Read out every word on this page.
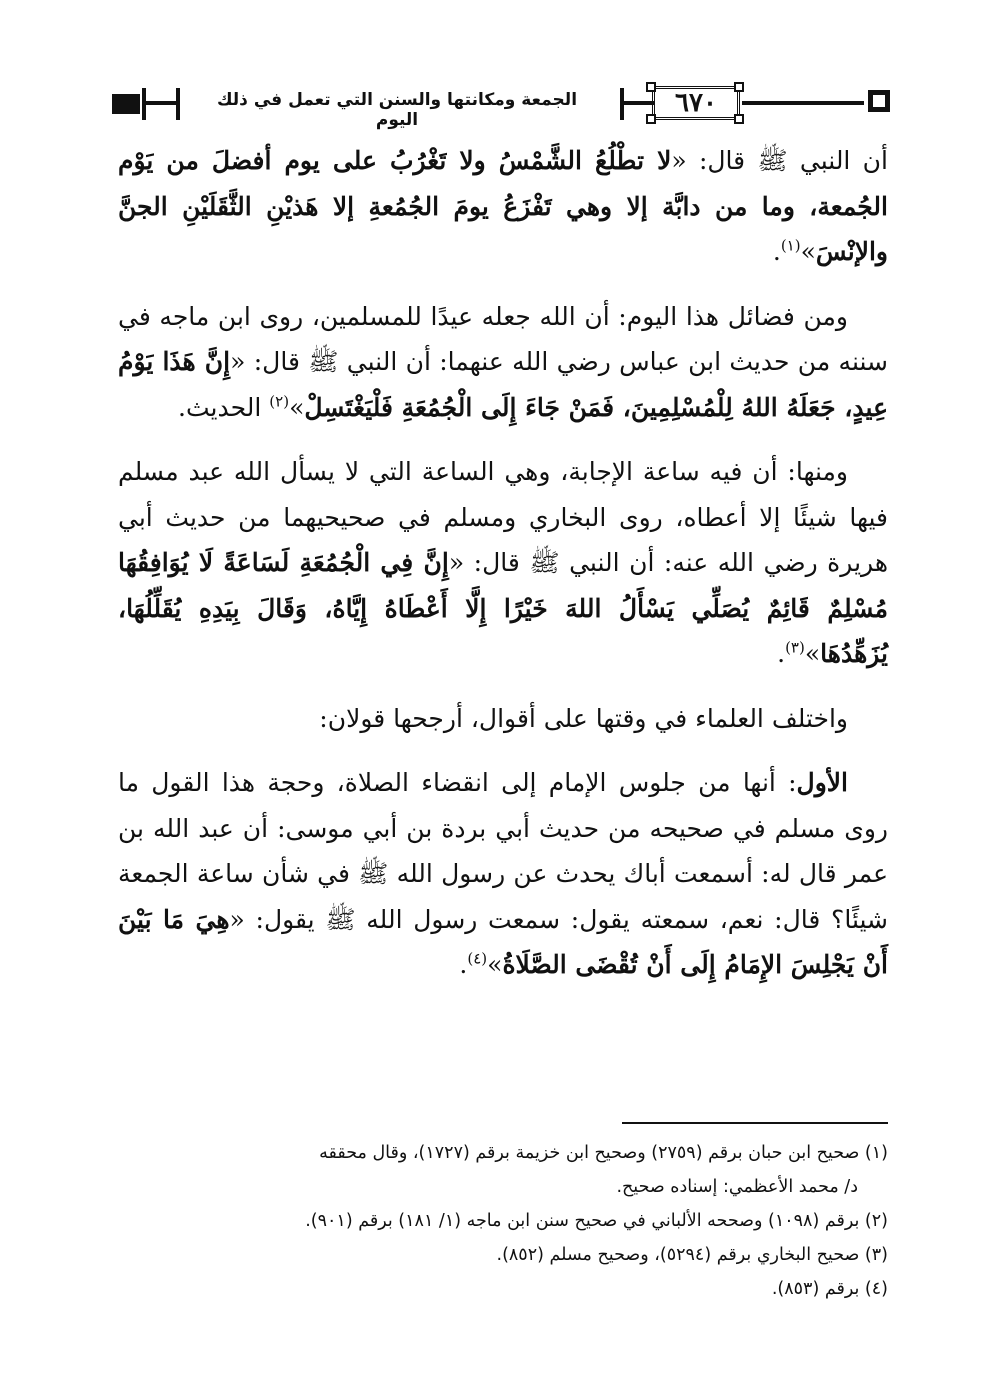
٦٧٠
الجمعة ومكانتها والسنن التي تعمل في ذلك اليوم

أن النبي ﷺ قال: «لا تطْلُعُ الشَّمْسُ ولا تَغْرُبُ على يوم أفضلَ من يَوْم الجُمعة، وما من دابَّة إلا وهي تَفْزَعُ يومَ الجُمُعةِ إلا هَذيْنِ الثَّقَلَيْنِ الجنَّ والإنْسَ»$^{(١)}$.

ومن فضائل هذا اليوم: أن الله جعله عيدًا للمسلمين، روى ابن ماجه في سننه من حديث ابن عباس رضي الله عنهما: أن النبي ﷺ قال: «إِنَّ هَذَا يَوْمُ عِيدٍ، جَعَلَهُ اللهُ لِلْمُسْلِمِينَ، فَمَنْ جَاءَ إِلَى الْجُمُعَةِ فَلْيَغْتَسِلْ»$^{(٢)}$ الحديث.

ومنها: أن فيه ساعة الإجابة، وهي الساعة التي لا يسأل الله عبد مسلم فيها شيئًا إلا أعطاه، روى البخاري ومسلم في صحيحيهما من حديث أبي هريرة رضي الله عنه: أن النبي ﷺ قال: «إِنَّ فِي الْجُمُعَةِ لَسَاعَةً لَا يُوَافِقُهَا مُسْلِمٌ قَائِمٌ يُصَلِّي يَسْأَلُ اللهَ خَيْرًا إِلَّا أَعْطَاهُ إِيَّاهُ، وَقَالَ بِيَدِهِ يُقَلِّلُهَا، يُزَهِّدُهَا»$^{(٣)}$.

واختلف العلماء في وقتها على أقوال، أرجحها قولان:

الأول: أنها من جلوس الإمام إلى انقضاء الصلاة، وحجة هذا القول ما روى مسلم في صحيحه من حديث أبي بردة بن أبي موسى: أن عبد الله بن عمر قال له: أسمعت أباك يحدث عن رسول الله ﷺ في شأن ساعة الجمعة شيئًا؟ قال: نعم، سمعته يقول: سمعت رسول الله ﷺ يقول: «هِيَ مَا بَيْنَ أَنْ يَجْلِسَ الإِمَامُ إِلَى أَنْ تُقْضَى الصَّلَاةُ»$^{(٤)}$.

(١) صحيح ابن حبان برقم (٢٧٥٩) وصحيح ابن خزيمة برقم (١٧٢٧)، وقال محققه
د/ محمد الأعظمي: إسناده صحيح.
(٢) برقم (١٠٩٨) وصححه الألباني في صحيح سنن ابن ماجه (١/ ١٨١) برقم (٩٠١).
(٣) صحيح البخاري برقم (٥٢٩٤)، وصحيح مسلم (٨٥٢).
(٤) برقم (٨٥٣).
